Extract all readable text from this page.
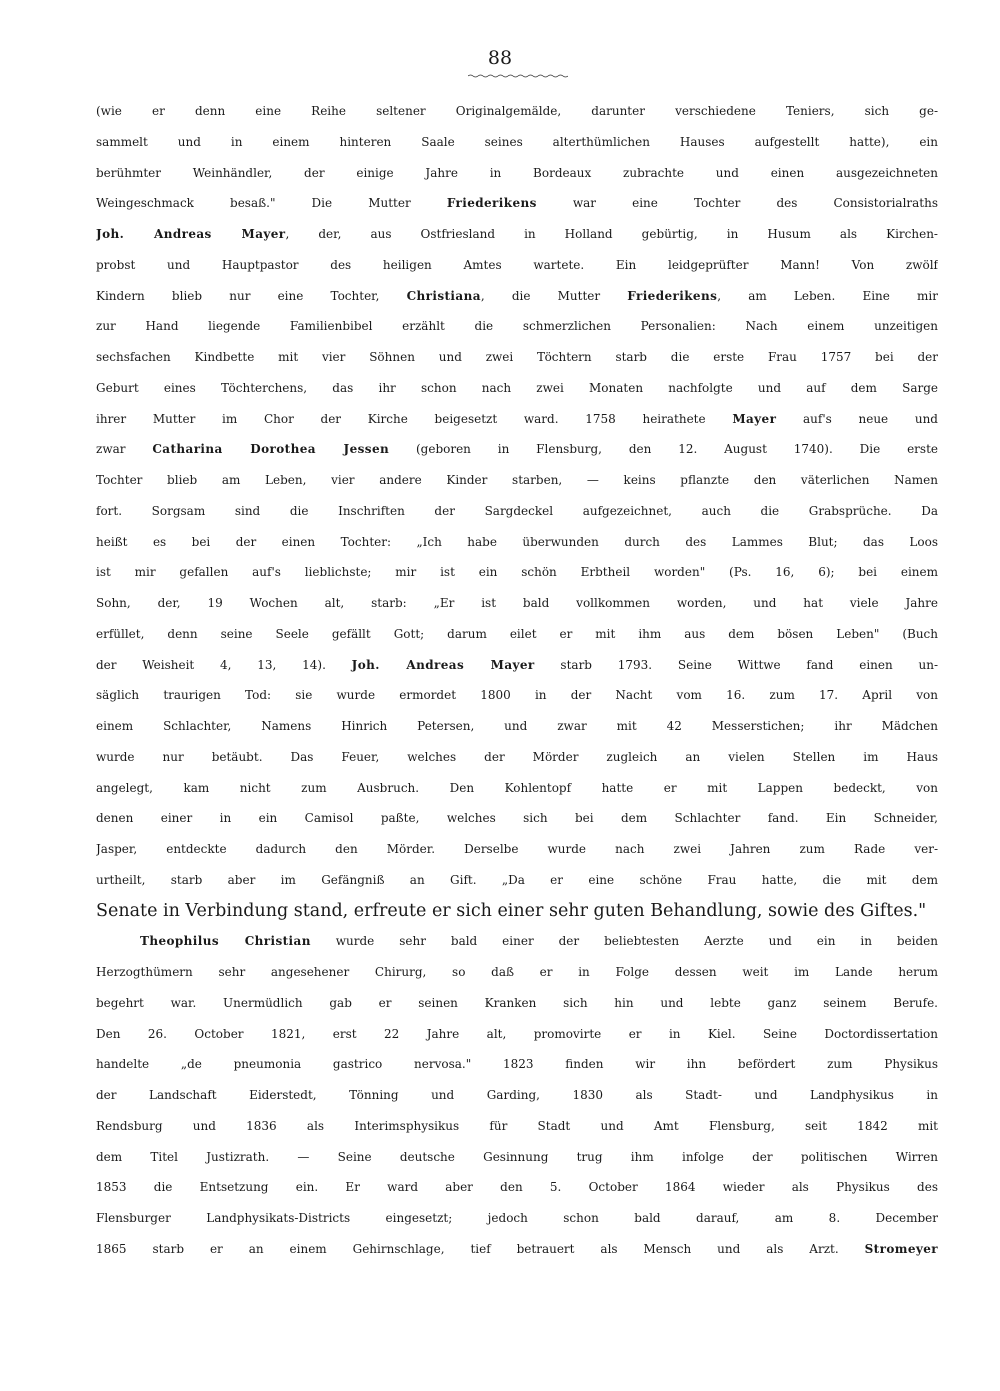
88
(wie er denn eine Reihe seltener Originalgemälde, darunter verschiedene Teniers, sich ge-
sammelt und in einem hinteren Saale seines alterthümlichen Hauses aufgestellt hatte), ein
berühmter Weinhändler, der einige Jahre in Bordeaux zubrachte und einen ausgezeichneten
Weingeschmack besaß." Die Mutter Friederikens war eine Tochter des Consistorialraths
Joh. Andreas Mayer, der, aus Ostfriesland in Holland gebürtig, in Husum als Kirchen-
probst und Hauptpastor des heiligen Amtes wartete. Ein leidgeprüfter Mann! Von zwölf
Kindern blieb nur eine Tochter, Christiana, die Mutter Friederikens, am Leben. Eine mir
zur Hand liegende Familienbibel erzählt die schmerzlichen Personalien: Nach einem unzeitigen
sechsfachen Kindbette mit vier Söhnen und zwei Töchtern starb die erste Frau 1757 bei der
Geburt eines Töchterchens, das ihr schon nach zwei Monaten nachfolgte und auf dem Sarge
ihrer Mutter im Chor der Kirche beigesetzt ward. 1758 heirathete Mayer auf's neue und
zwar Catharina Dorothea Jessen (geboren in Flensburg, den 12. August 1740). Die erste
Tochter blieb am Leben, vier andere Kinder starben, — keins pflanzte den väterlichen Namen
fort. Sorgsam sind die Inschriften der Sargdeckel aufgezeichnet, auch die Grabsprüche. Da
heißt es bei der einen Tochter: „Ich habe überwunden durch des Lammes Blut; das Loos
ist mir gefallen auf's lieblichste; mir ist ein schön Erbtheil worden" (Ps. 16, 6); bei einem
Sohn, der, 19 Wochen alt, starb: „Er ist bald vollkommen worden, und hat viele Jahre
erfüllet, denn seine Seele gefällt Gott; darum eilet er mit ihm aus dem bösen Leben" (Buch
der Weisheit 4, 13, 14). Joh. Andreas Mayer starb 1793. Seine Wittwe fand einen un-
säglich traurigen Tod: sie wurde ermordet 1800 in der Nacht vom 16. zum 17. April von
einem Schlachter, Namens Hinrich Petersen, und zwar mit 42 Messerstichen; ihr Mädchen
wurde nur betäubt. Das Feuer, welches der Mörder zugleich an vielen Stellen im Haus
angelegt, kam nicht zum Ausbruch. Den Kohlentopf hatte er mit Lappen bedeckt, von
denen einer in ein Camisol paßte, welches sich bei dem Schlachter fand. Ein Schneider,
Jasper, entdeckte dadurch den Mörder. Derselbe wurde nach zwei Jahren zum Rade ver-
urtheilt, starb aber im Gefängniß an Gift. „Da er eine schöne Frau hatte, die mit dem
Senate in Verbindung stand, erfreute er sich einer sehr guten Behandlung, sowie des Giftes."
Theophilus Christian wurde sehr bald einer der beliebtesten Aerzte und ein in beiden
Herzogthümern sehr angesehener Chirurg, so daß er in Folge dessen weit im Lande herum
begehrt war. Unermüdlich gab er seinen Kranken sich hin und lebte ganz seinem Berufe.
Den 26. October 1821, erst 22 Jahre alt, promovirte er in Kiel. Seine Doctordissertation
handelte „de pneumonia gastrico nervosa." 1823 finden wir ihn befördert zum Physikus
der Landschaft Eiderstedt, Tönning und Garding, 1830 als Stadt- und Landphysikus in
Rendsburg und 1836 als Interimsphysikus für Stadt und Amt Flensburg, seit 1842 mit
dem Titel Justizrath. — Seine deutsche Gesinnung trug ihm infolge der politischen Wirren
1853 die Entsetzung ein. Er ward aber den 5. October 1864 wieder als Physikus des
Flensburger Landphysikats-Districts eingesetzt; jedoch schon bald darauf, am 8. December
1865 starb er an einem Gehirnschlage, tief betrauert als Mensch und als Arzt. Stromeyer
